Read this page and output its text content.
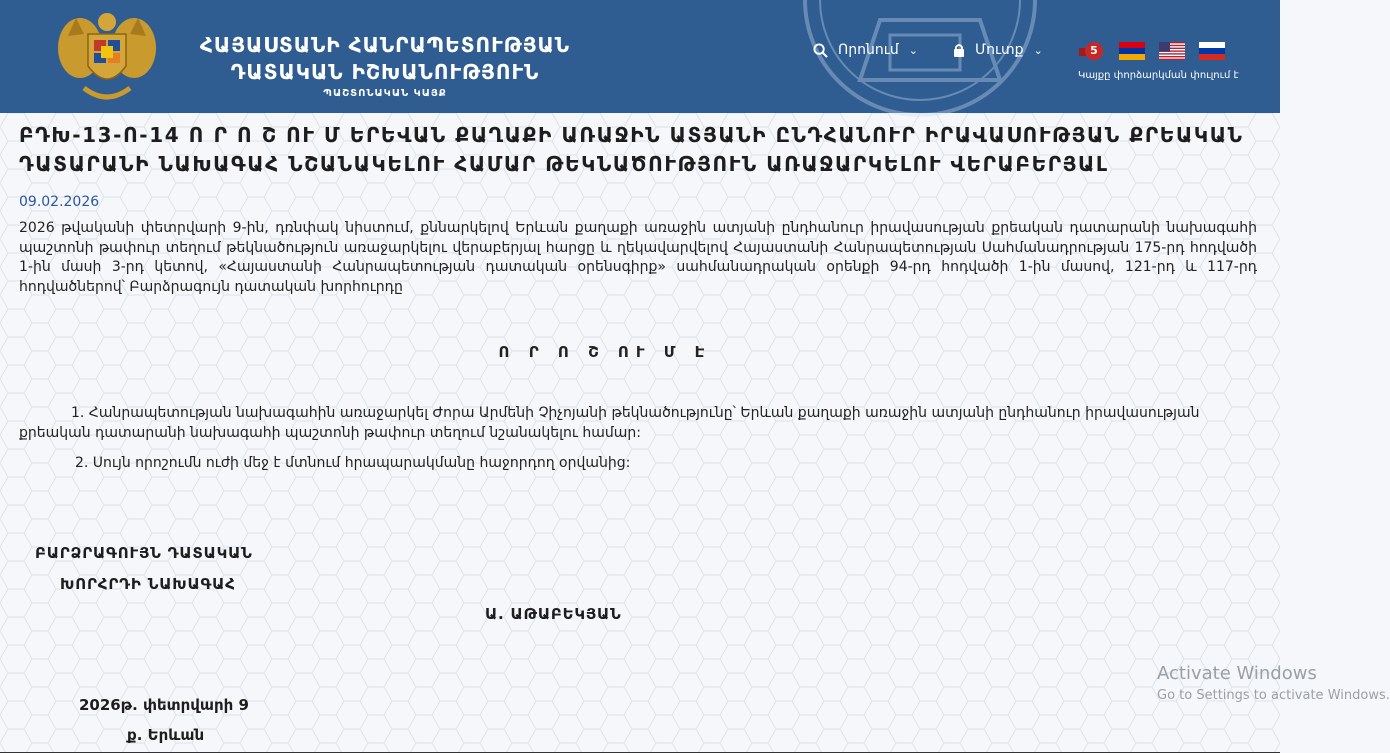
ՀԱՅԱՍՏԱՆԻ ՀԱՆՐԱՊԵՏՈՒԹՅԱՆ
ԴԱՏԱԿԱՆ ԻՇԽԱՆՈՒԹՅՈՒՆ
ՊԱՇՏՈՆԱԿԱՆ ԿԱՅՔ
Որոնում ⌄	Մուտք ⌄	5
Կայքը փորձարկման փուլում է
ԲԴԽ-13-Ո-14 Ո Ր Ո Շ ՈՒ Մ ԵՐԵՎԱՆ ՔԱՂԱՔԻ ԱՌԱՋԻՆ ԱՏՅԱՆԻ ԸՆԴՀԱՆՈՒՐ ԻՐԱՎԱՍՈՒԹՅԱՆ ՔՐԵԱԿԱՆ ԴԱՏԱՐԱՆԻ ՆԱԽԱԳԱՀ ՆՇԱՆԱԿԵԼՈՒ ՀԱՄԱՐ ԹԵԿՆԱԾՈՒԹՅՈՒՆ ԱՌԱՋԱՐԿԵԼՈՒ ՎԵՐԱԲԵՐՅԱԼ
09.02.2026

2026 թվականի փետրվարի 9-ին, դռնփակ նիստում, քննարկելով Երևան քաղաքի առաջին ատյանի ընդհանուր իրավասության քրեական դատարանի նախագահի պաշտոնի թափուր տեղում թեկնածություն առաջարկելու վերաբերյալ հարցը և ղեկավարվելով Հայաստանի Հանրապետության Սահմանադրության 175-րդ հոդվածի 1-ին մասի 3-րդ կետով, «Հայաստանի Հանրապետության դատական օրենսգիրք» սահմանադրական օրենքի 94-րդ հոդվածի 1-ին մասով, 121-րդ և 117-րդ հոդվածներով՝ Բարձրագույն դատական խորհուրդը

Ո Ր Ո Շ ՈՒ Մ Է

1. Հանրապետության նախագահին առաջարկել Ժորա Արմենի Չիչոյանի թեկնածությունը՝ Երևան քաղաքի առաջին ատյանի ընդհանուր իրավասության քրեական դատարանի նախագահի պաշտոնի թափուր տեղում նշանակելու համար:

2. Սույն որոշումն ուժի մեջ է մտնում հրապարակմանը հաջորդող օրվանից:

ԲԱՐՁՐԱԳՈՒՅՆ ԴԱՏԱԿԱՆ
ԽՈՐՀՐԴԻ ՆԱԽԱԳԱՀ
Ա. ԱԹԱԲԵԿՅԱՆ
2026թ. փետրվարի 9
ք. Երևան
Activate Windows
Go to Settings to activate Windows.
